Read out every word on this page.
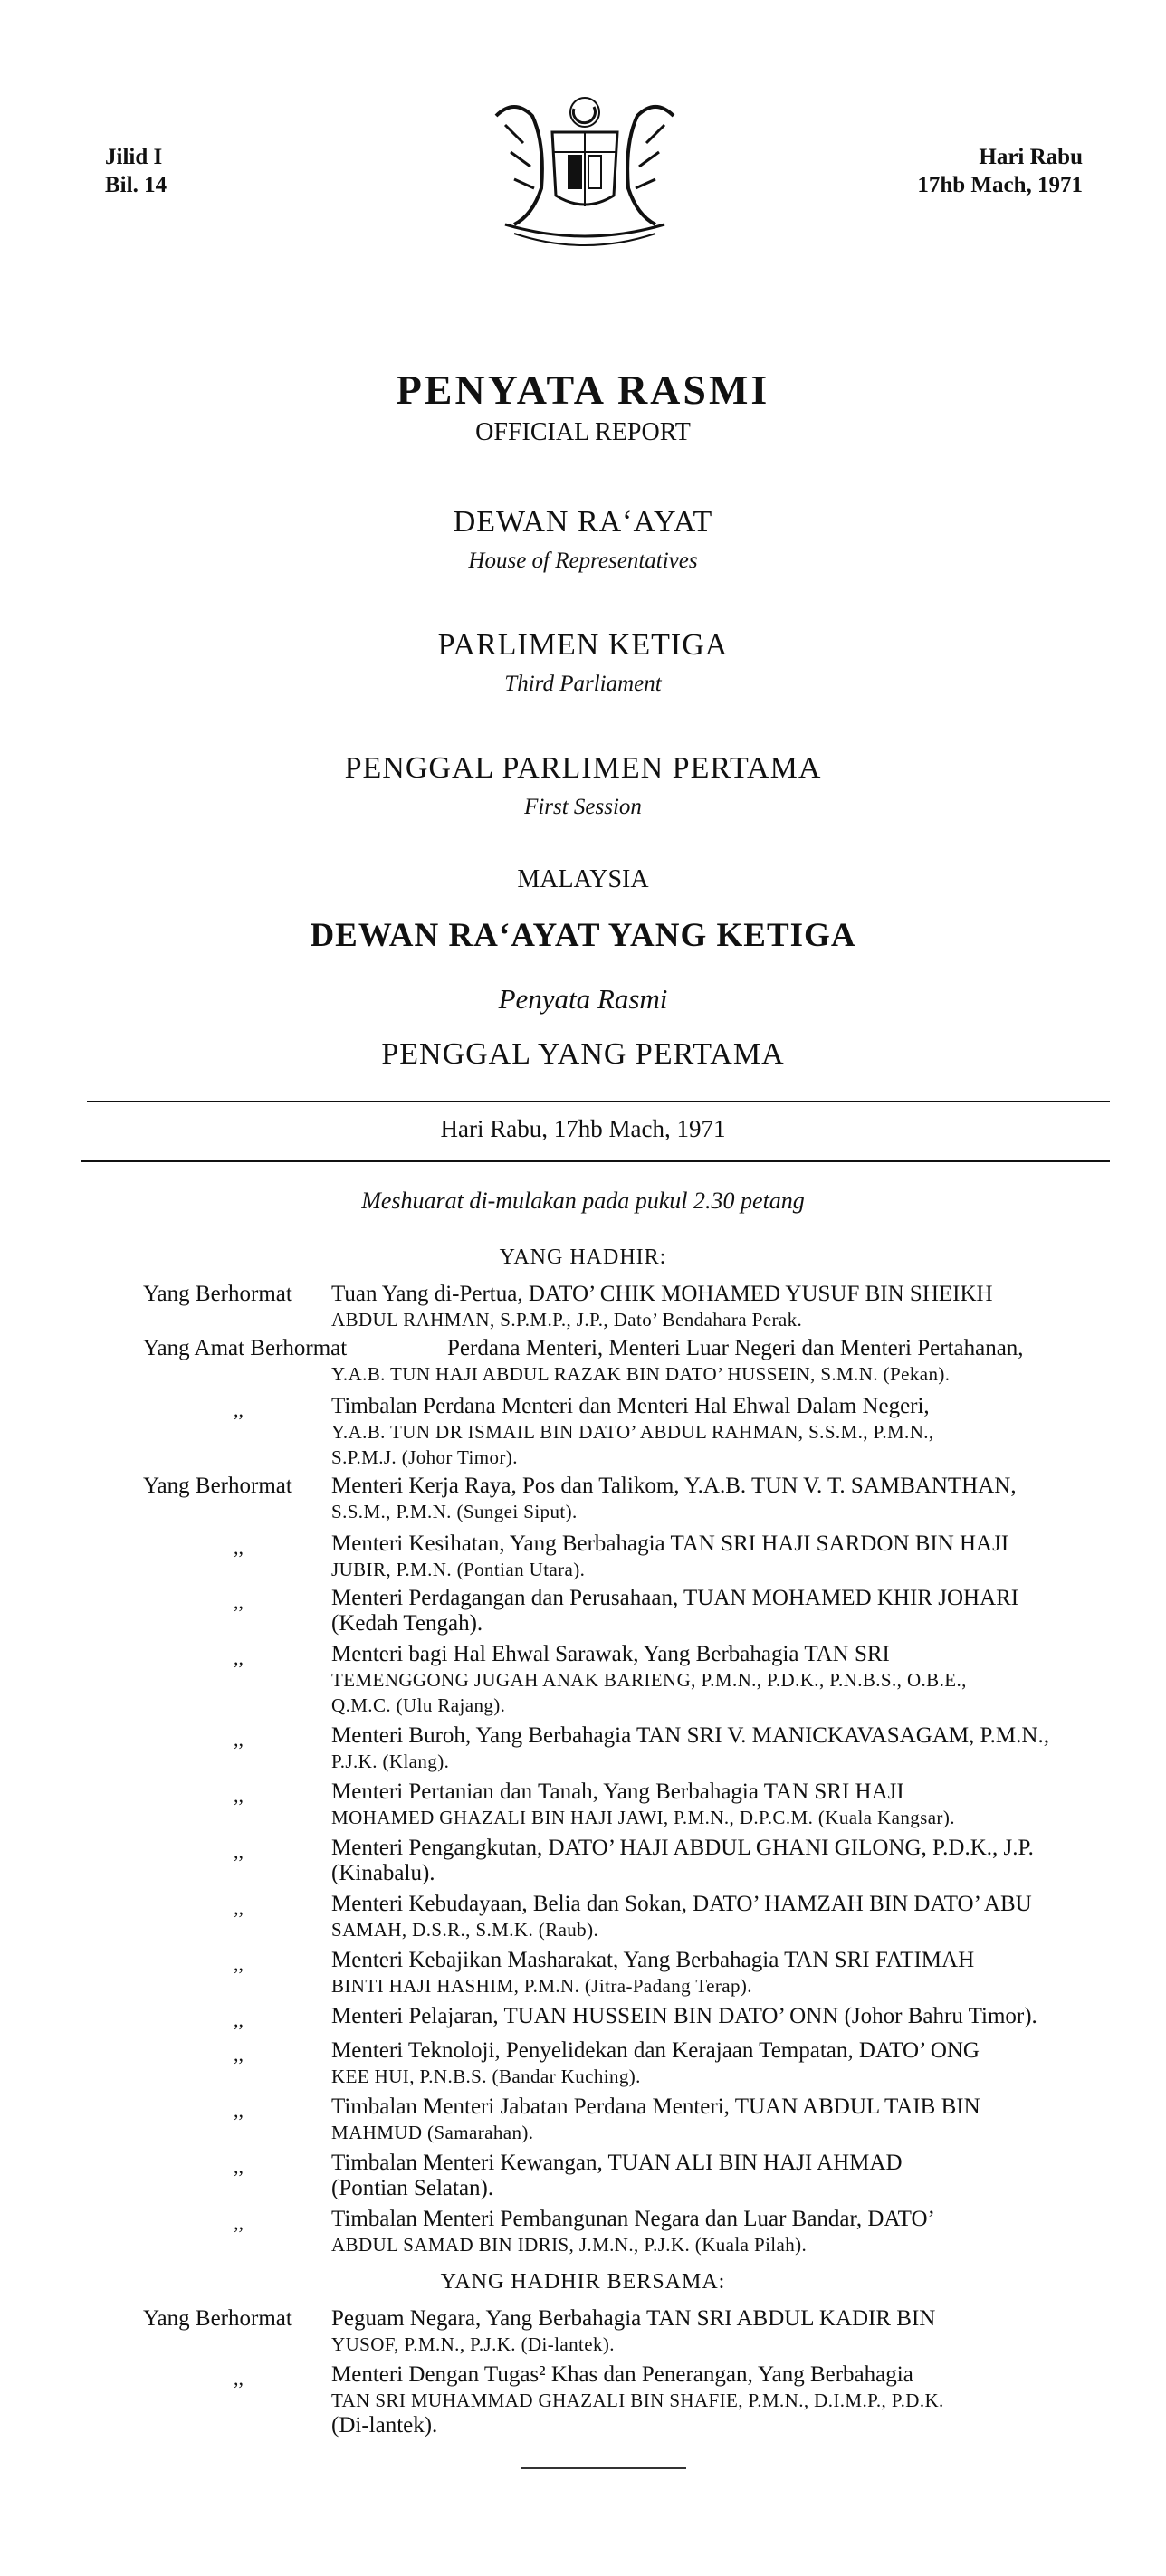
Jilid I
Bil. 14
Hari Rabu
17hb Mach, 1971
PENYATA RASMI
OFFICIAL REPORT
DEWAN RA‘AYAT
House of Representatives
PARLIMEN KETIGA
Third Parliament
PENGGAL PARLIMEN PERTAMA
First Session
MALAYSIA
DEWAN RA‘AYAT YANG KETIGA
Penyata Rasmi
PENGGAL YANG PERTAMA
Hari Rabu, 17hb Mach, 1971
Meshuarat di-mulakan pada pukul 2.30 petang
YANG HADHIR:
Yang Berhormat Tuan Yang di-Pertua, DATO’ CHIK MOHAMED YUSUF BIN SHEIKH
ABDUL RAHMAN, S.P.M.P., J.P., Dato’ Bendahara Perak.
Yang Amat Berhormat	Perdana Menteri, Menteri Luar Negeri dan Menteri Pertahanan,
Y.A.B. TUN HAJI ABDUL RAZAK BIN DATO’ HUSSEIN, S.M.N. (Pekan).
,,	Timbalan Perdana Menteri dan Menteri Hal Ehwal Dalam Negeri,
Y.A.B. TUN DR ISMAIL BIN DATO’ ABDUL RAHMAN, S.S.M., P.M.N.,
S.P.M.J. (Johor Timor).
Yang Berhormat Menteri Kerja Raya, Pos dan Talikom, Y.A.B. TUN V. T. SAMBANTHAN,
S.S.M., P.M.N. (Sungei Siput).
,,	Menteri Kesihatan, Yang Berbahagia TAN SRI HAJI SARDON BIN HAJI
JUBIR, P.M.N. (Pontian Utara).
,,	Menteri Perdagangan dan Perusahaan, TUAN MOHAMED KHIR JOHARI
(Kedah Tengah).
,,	Menteri bagi Hal Ehwal Sarawak, Yang Berbahagia TAN SRI
TEMENGGONG JUGAH ANAK BARIENG, P.M.N., P.D.K., P.N.B.S., O.B.E.,
Q.M.C. (Ulu Rajang).
,,	Menteri Buroh, Yang Berbahagia TAN SRI V. MANICKAVASAGAM, P.M.N.,
P.J.K. (Klang).
,,	Menteri Pertanian dan Tanah, Yang Berbahagia TAN SRI HAJI
MOHAMED GHAZALI BIN HAJI JAWI, P.M.N., D.P.C.M. (Kuala Kangsar).
,,	Menteri Pengangkutan, DATO’ HAJI ABDUL GHANI GILONG, P.D.K., J.P.
(Kinabalu).
,,	Menteri Kebudayaan, Belia dan Sokan, DATO’ HAMZAH BIN DATO’ ABU
SAMAH, D.S.R., S.M.K. (Raub).
,,	Menteri Kebajikan Masharakat, Yang Berbahagia TAN SRI FATIMAH
BINTI HAJI HASHIM, P.M.N. (Jitra-Padang Terap).
,,	Menteri Pelajaran, TUAN HUSSEIN BIN DATO’ ONN (Johor Bahru Timor).
,,	Menteri Teknoloji, Penyelidekan dan Kerajaan Tempatan, DATO’ ONG
KEE HUI, P.N.B.S. (Bandar Kuching).
,,	Timbalan Menteri Jabatan Perdana Menteri, TUAN ABDUL TAIB BIN
MAHMUD (Samarahan).
,,	Timbalan Menteri Kewangan, TUAN ALI BIN HAJI AHMAD
(Pontian Selatan).
,,	Timbalan Menteri Pembangunan Negara dan Luar Bandar, DATO’
ABDUL SAMAD BIN IDRIS, J.M.N., P.J.K. (Kuala Pilah).
YANG HADHIR BERSAMA:
Yang Berhormat Peguam Negara, Yang Berbahagia TAN SRI ABDUL KADIR BIN
YUSOF, P.M.N., P.J.K. (Di-lantek).
,,	Menteri Dengan Tugas² Khas dan Penerangan, Yang Berbahagia
TAN SRI MUHAMMAD GHAZALI BIN SHAFIE, P.M.N., D.I.M.P., P.D.K.
(Di-lantek).
